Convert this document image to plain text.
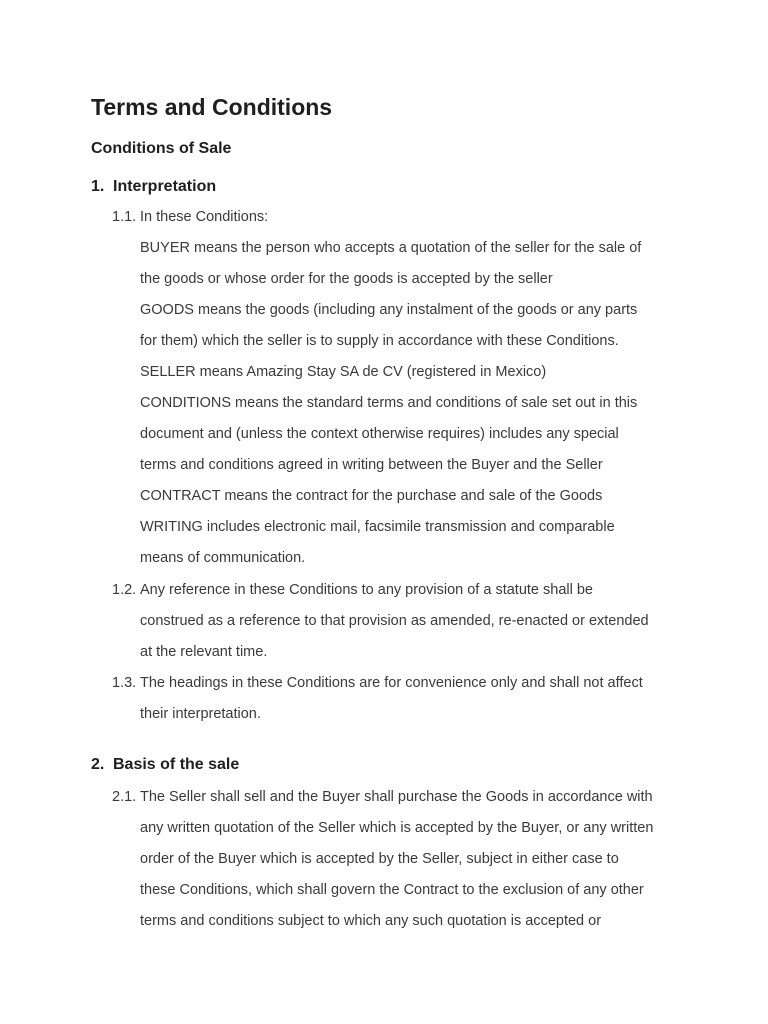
Terms and Conditions
Conditions of Sale
1. Interpretation
1.1. In these Conditions:
BUYER means the person who accepts a quotation of the seller for the sale of
the goods or whose order for the goods is accepted by the seller
GOODS means the goods (including any instalment of the goods or any parts
for them) which the seller is to supply in accordance with these Conditions.
SELLER means Amazing Stay SA de CV (registered in Mexico)
CONDITIONS means the standard terms and conditions of sale set out in this
document and (unless the context otherwise requires) includes any special
terms and conditions agreed in writing between the Buyer and the Seller
CONTRACT means the contract for the purchase and sale of the Goods
WRITING includes electronic mail, facsimile transmission and comparable
means of communication.
1.2. Any reference in these Conditions to any provision of a statute shall be
construed as a reference to that provision as amended, re-enacted or extended
at the relevant time.
1.3. The headings in these Conditions are for convenience only and shall not affect
their interpretation.
2. Basis of the sale
2.1. The Seller shall sell and the Buyer shall purchase the Goods in accordance with
any written quotation of the Seller which is accepted by the Buyer, or any written
order of the Buyer which is accepted by the Seller, subject in either case to
these Conditions, which shall govern the Contract to the exclusion of any other
terms and conditions subject to which any such quotation is accepted or
